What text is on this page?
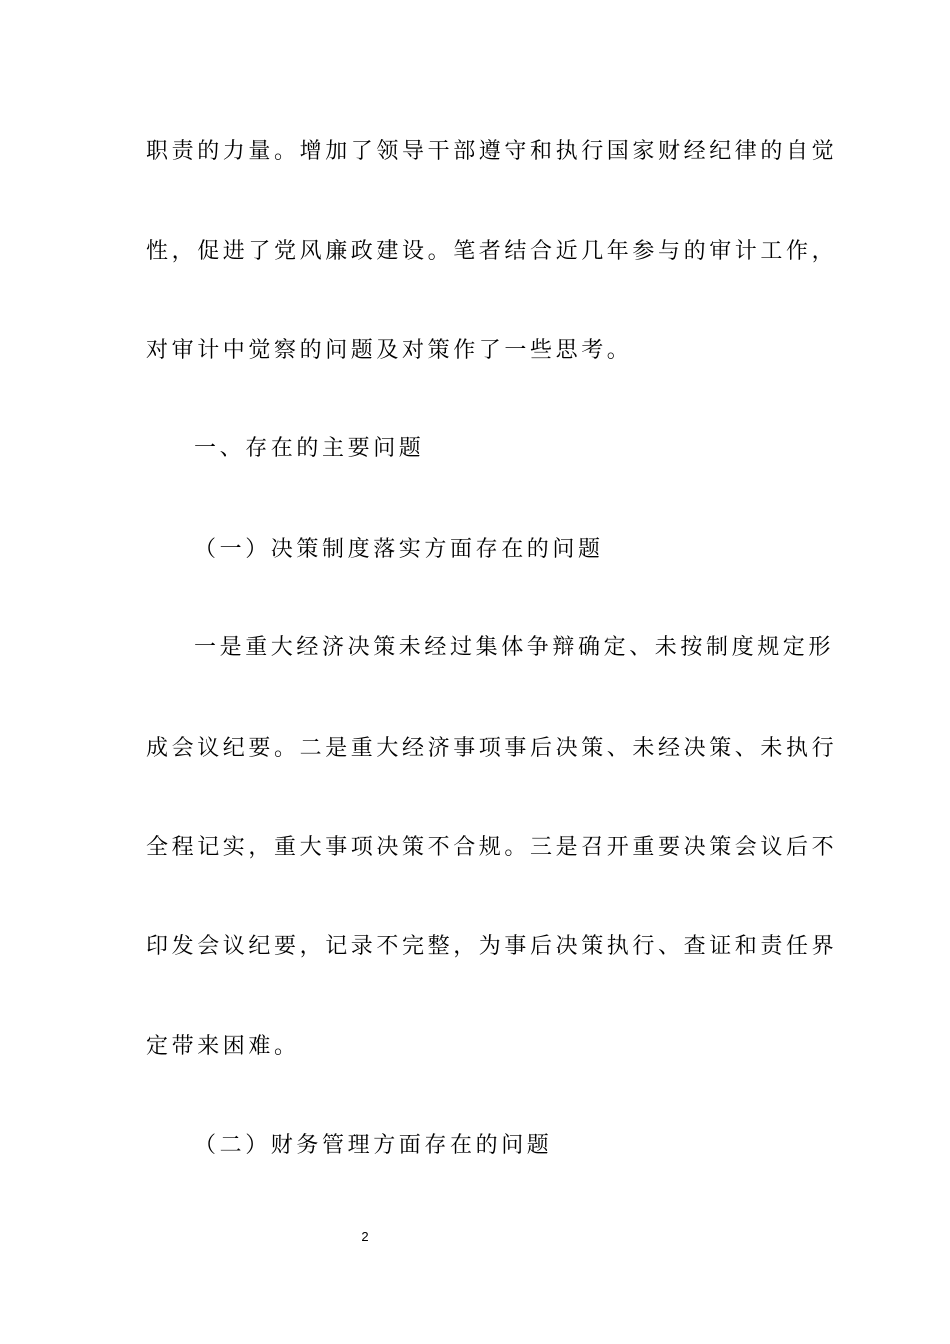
职责的力量。增加了领导干部遵守和执行国家财经纪律的自觉
性，促进了党风廉政建设。笔者结合近几年参与的审计工作，
对审计中觉察的问题及对策作了一些思考。
一、存在的主要问题
（一）决策制度落实方面存在的问题
一是重大经济决策未经过集体争辩确定、未按制度规定形
成会议纪要。二是重大经济事项事后决策、未经决策、未执行
全程记实，重大事项决策不合规。三是召开重要决策会议后不
印发会议纪要，记录不完整，为事后决策执行、查证和责任界
定带来困难。
（二）财务管理方面存在的问题
2
